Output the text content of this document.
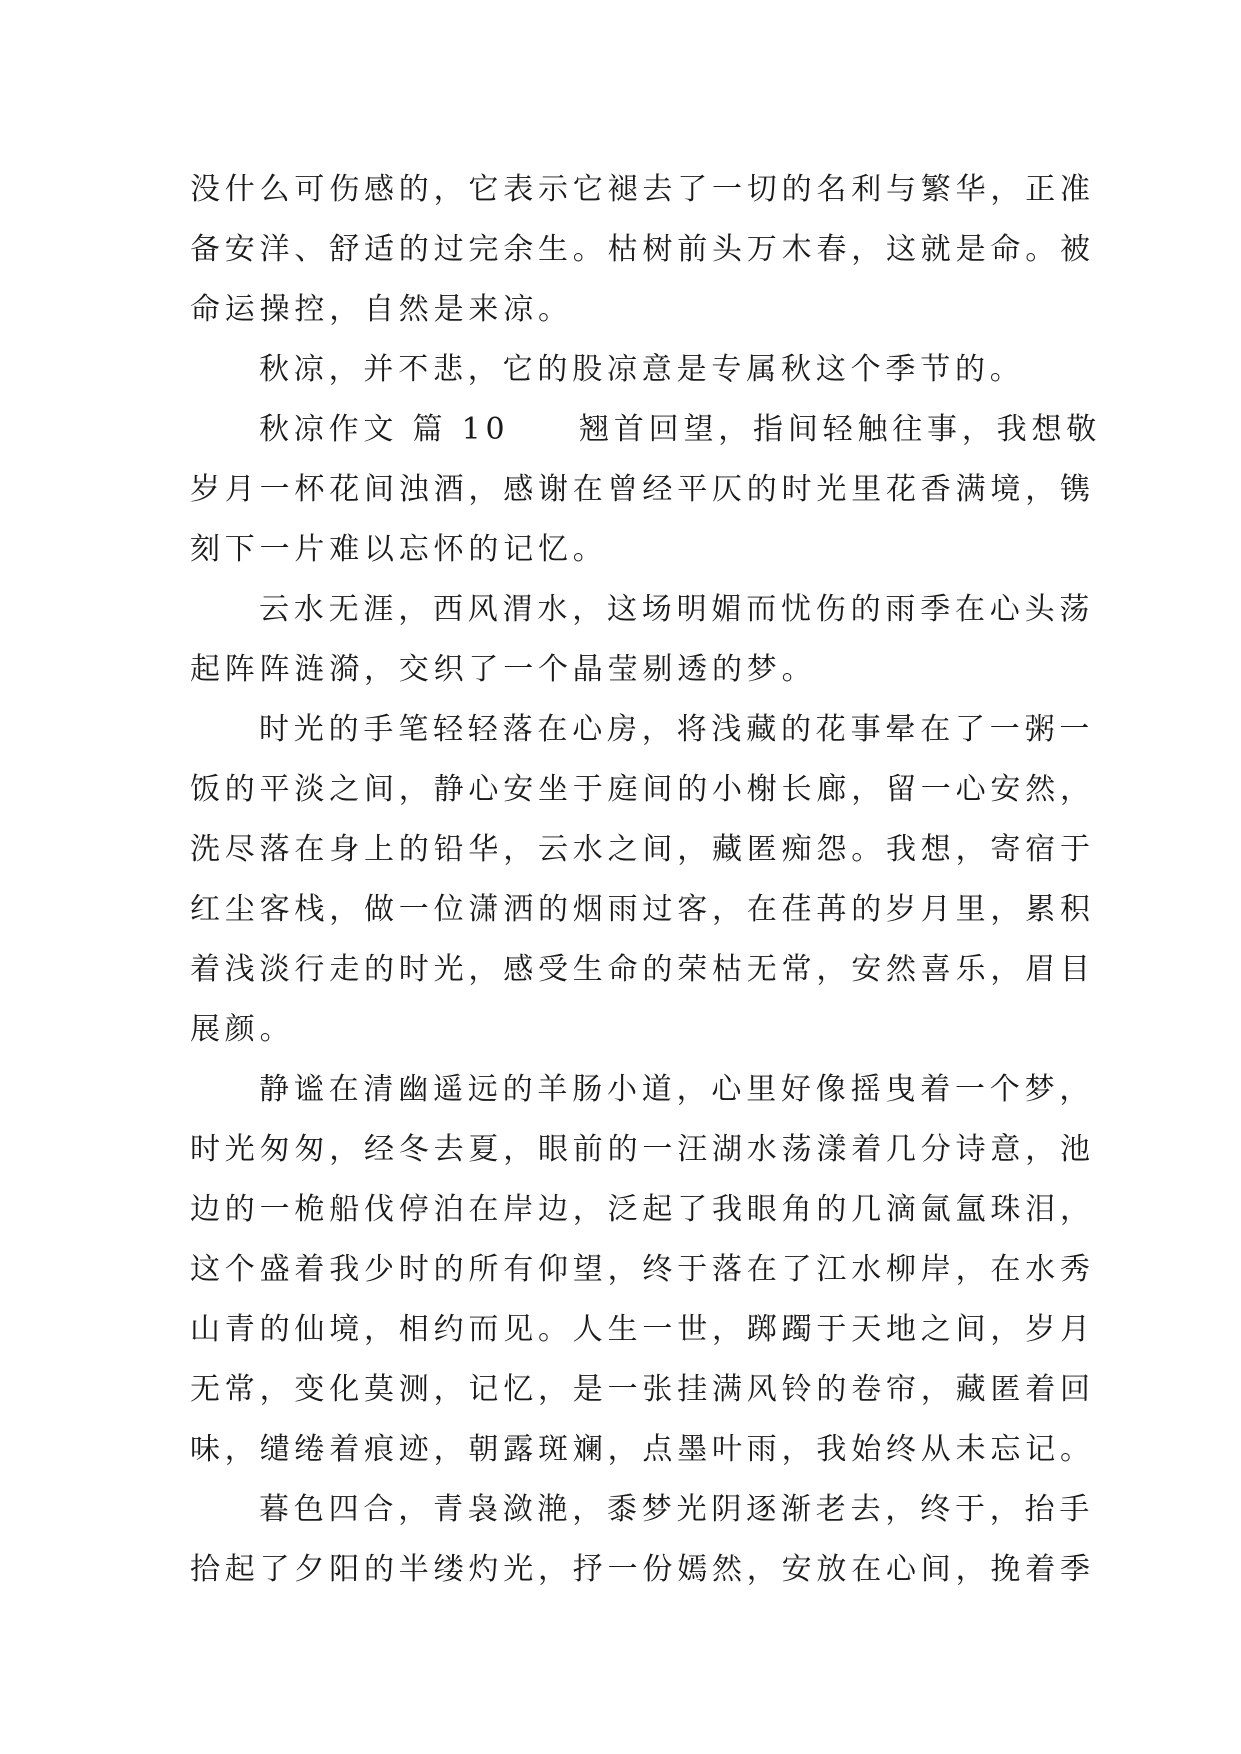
没什么可伤感的，它表示它褪去了一切的名利与繁华，正准
备安洋、舒适的过完余生。枯树前头万木春，这就是命。被
命运操控，自然是来凉。
秋凉，并不悲，它的股凉意是专属秋这个季节的。
秋凉作文 篇 10　　翘首回望，指间轻触往事，我想敬
岁月一杯花间浊酒，感谢在曾经平仄的时光里花香满境，镌
刻下一片难以忘怀的记忆。
云水无涯，西风渭水，这场明媚而忧伤的雨季在心头荡
起阵阵涟漪，交织了一个晶莹剔透的梦。
时光的手笔轻轻落在心房，将浅藏的花事晕在了一粥一
饭的平淡之间，静心安坐于庭间的小榭长廊，留一心安然，
洗尽落在身上的铅华，云水之间，藏匿痴怨。我想，寄宿于
红尘客栈，做一位潇洒的烟雨过客，在荏苒的岁月里，累积
着浅淡行走的时光，感受生命的荣枯无常，安然喜乐，眉目
展颜。
静谧在清幽遥远的羊肠小道，心里好像摇曳着一个梦，
时光匆匆，经冬去夏，眼前的一汪湖水荡漾着几分诗意，池
边的一桅船伐停泊在岸边，泛起了我眼角的几滴氤氲珠泪，
这个盛着我少时的所有仰望，终于落在了江水柳岸，在水秀
山青的仙境，相约而见。人生一世，踯躅于天地之间，岁月
无常，变化莫测，记忆，是一张挂满风铃的卷帘，藏匿着回
味，缱绻着痕迹，朝露斑斓，点墨叶雨，我始终从未忘记。
暮色四合，青袅潋滟，黍梦光阴逐渐老去，终于，抬手
拾起了夕阳的半缕灼光，抒一份嫣然，安放在心间，挽着季
